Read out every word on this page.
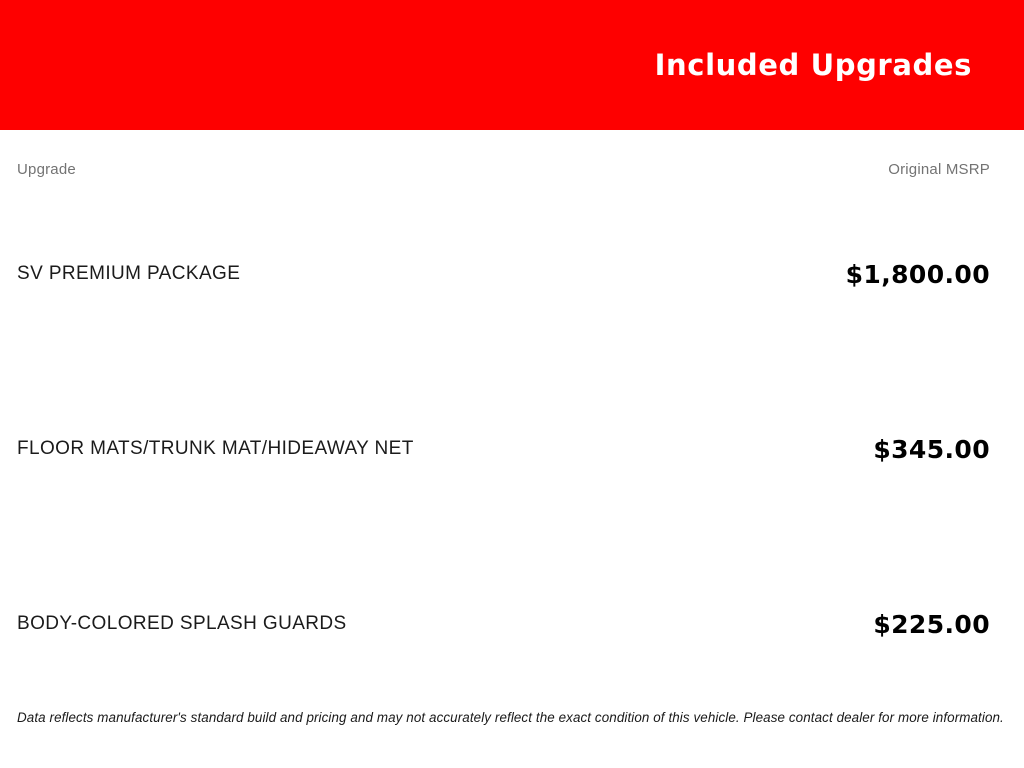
Included Upgrades
Upgrade	Original MSRP
SV PREMIUM PACKAGE	$1,800.00
FLOOR MATS/TRUNK MAT/HIDEAWAY NET	$345.00
BODY-COLORED SPLASH GUARDS	$225.00
Data reflects manufacturer's standard build and pricing and may not accurately reflect the exact condition of this vehicle. Please contact dealer for more information.
